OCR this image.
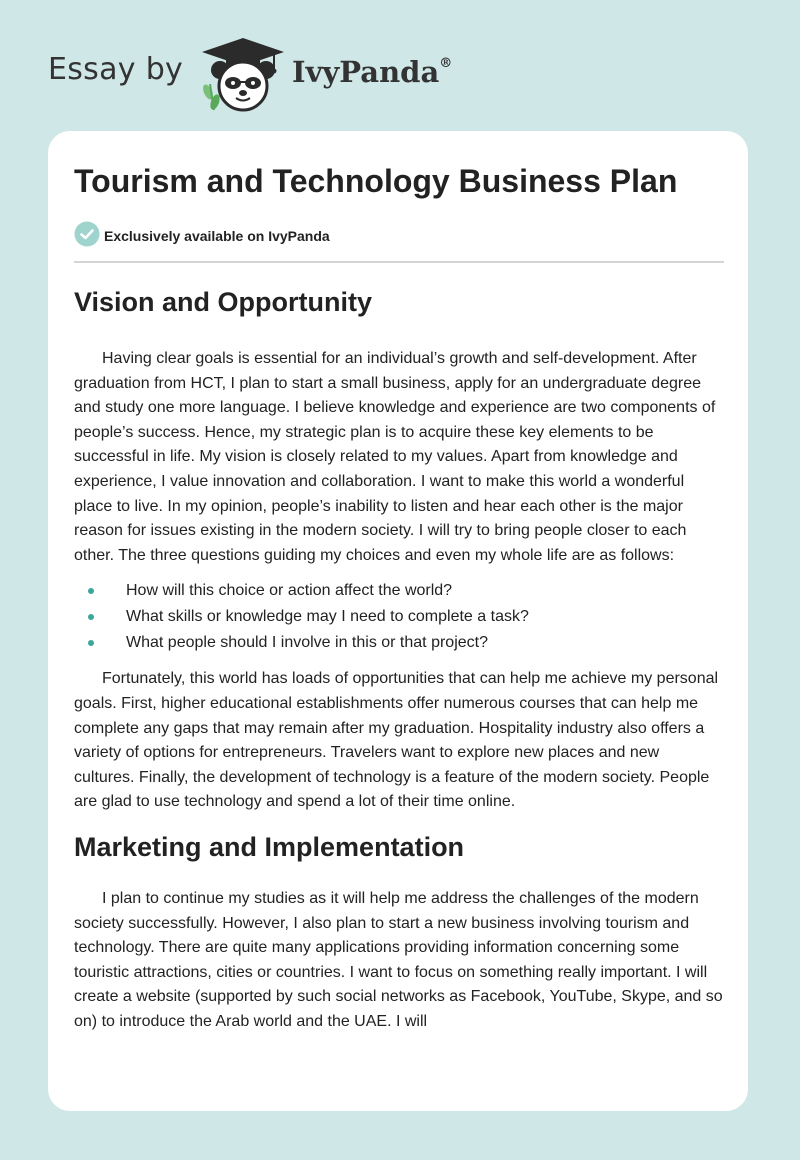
Essay by	IvyPanda®
Tourism and Technology Business Plan
Exclusively available on IvyPanda
Vision and Opportunity

Having clear goals is essential for an individual’s growth and self-development. After graduation from HCT, I plan to start a small business, apply for an undergraduate degree and study one more language. I believe knowledge and experience are two components of people’s success. Hence, my strategic plan is to acquire these key elements to be successful in life. My vision is closely related to my values. Apart from knowledge and experience, I value innovation and collaboration. I want to make this world a wonderful place to live. In my opinion, people’s inability to listen and hear each other is the major reason for issues existing in the modern society. I will try to bring people closer to each other. The three questions guiding my choices and even my whole life are as follows:

How will this choice or action affect the world?
What skills or knowledge may I need to complete a task?
What people should I involve in this or that project?

Fortunately, this world has loads of opportunities that can help me achieve my personal goals. First, higher educational establishments offer numerous courses that can help me complete any gaps that may remain after my graduation. Hospitality industry also offers a variety of options for entrepreneurs. Travelers want to explore new places and new cultures. Finally, the development of technology is a feature of the modern society. People are glad to use technology and spend a lot of their time online.

Marketing and Implementation

I plan to continue my studies as it will help me address the challenges of the modern society successfully. However, I also plan to start a new business involving tourism and technology. There are quite many applications providing information concerning some touristic attractions, cities or countries. I want to focus on something really important. I will create a website (supported by such social networks as Facebook, YouTube, Skype, and so on) to introduce the Arab world and the UAE. I will
